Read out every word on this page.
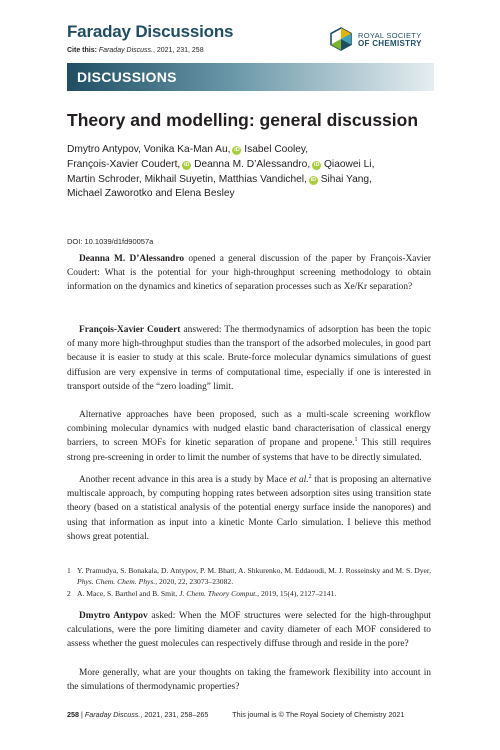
Faraday Discussions
Cite this: Faraday Discuss., 2021, 231, 258
ROYAL SOCIETY
OF CHEMISTRY
DISCUSSIONS
Theory and modelling: general discussion
Dmytro Antypov, Vonika Ka-Man Au, iD Isabel Cooley,
François-Xavier Coudert, iD Deanna M. D’Alessandro, iD Qiaowei Li,
Martin Schroder, Mikhail Suyetin, Matthias Vandichel, iD Sihai Yang,
Michael Zaworotko and Elena Besley
DOI: 10.1039/d1fd90057a

Deanna M. D’Alessandro opened a general discussion of the paper by François-Xavier Coudert: What is the potential for your high-throughput screening methodology to obtain information on the dynamics and kinetics of separation processes such as Xe/Kr separation?

François-Xavier Coudert answered: The thermodynamics of adsorption has been the topic of many more high-throughput studies than the transport of the adsorbed molecules, in good part because it is easier to study at this scale. Brute-force molecular dynamics simulations of guest diffusion are very expensive in terms of computational time, especially if one is interested in transport outside of the “zero loading” limit.

Alternative approaches have been proposed, such as a multi-scale screening workflow combining molecular dynamics with nudged elastic band characterisation of classical energy barriers, to screen MOFs for kinetic separation of propane and propene.$^1$ This still requires strong pre-screening in order to limit the number of systems that have to be directly simulated.

Another recent advance in this area is a study by Mace et al.$^2$ that is proposing an alternative multiscale approach, by computing hopping rates between adsorption sites using transition state theory (based on a statistical analysis of the potential energy surface inside the nanopores) and using that information as input into a kinetic Monte Carlo simulation. I believe this method shows great potential.

1 Y. Pramudya, S. Bonakala, D. Antypov, P. M. Bhatt, A. Shkurenko, M. Eddaoudi, M. J. Rosseinsky and M. S. Dyer, Phys. Chem. Chem. Phys., 2020, 22, 23073–23082.
2 A. Mace, S. Barthel and B. Smit, J. Chem. Theory Comput., 2019, 15(4), 2127–2141.

Dmytro Antypov asked: When the MOF structures were selected for the high-throughput calculations, were the pore limiting diameter and cavity diameter of each MOF considered to assess whether the guest molecules can respectively diffuse through and reside in the pore?

More generally, what are your thoughts on taking the framework flexibility into account in the simulations of thermodynamic properties?

258 | Faraday Discuss., 2021, 231, 258–265	This journal is © The Royal Society of Chemistry 2021
